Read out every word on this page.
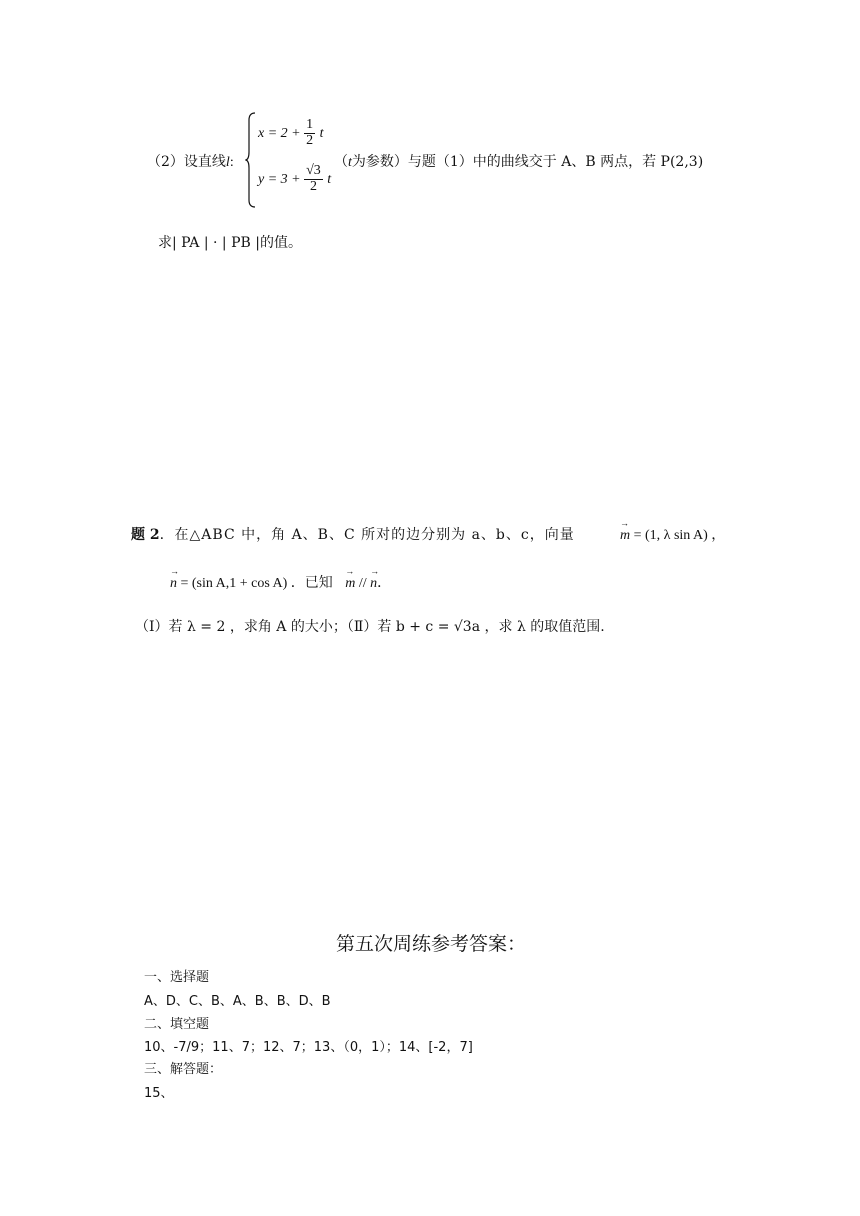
（2）设直线l:
$x = 2 + \frac{1}{2}$ t
$y = 3 + \frac{√3}{2}$ t
（t为参数）与题（1）中的曲线交于 A、B 两点，若 P(2,3)
求| PA | · | PB |的值。
题 2. 在△ABC 中，角 A、B、C 所对的边分别为 a、b、c，向量	→ m = (1, λ sin A) ，
→ n = (sin A,1 + cos A) ．已知 → m // → n．
（Ⅰ）若 λ = 2 ，求角 A 的大小；（Ⅱ）若 b + c = √3a ，求 λ 的取值范围.
第五次周练参考答案：
一、选择题
A、D、C、B、A、B、B、D、B
二、填空题
10、-7/9；11、7；12、7；13、（0，1）；14、[-2，7]
三、解答题：
15、
